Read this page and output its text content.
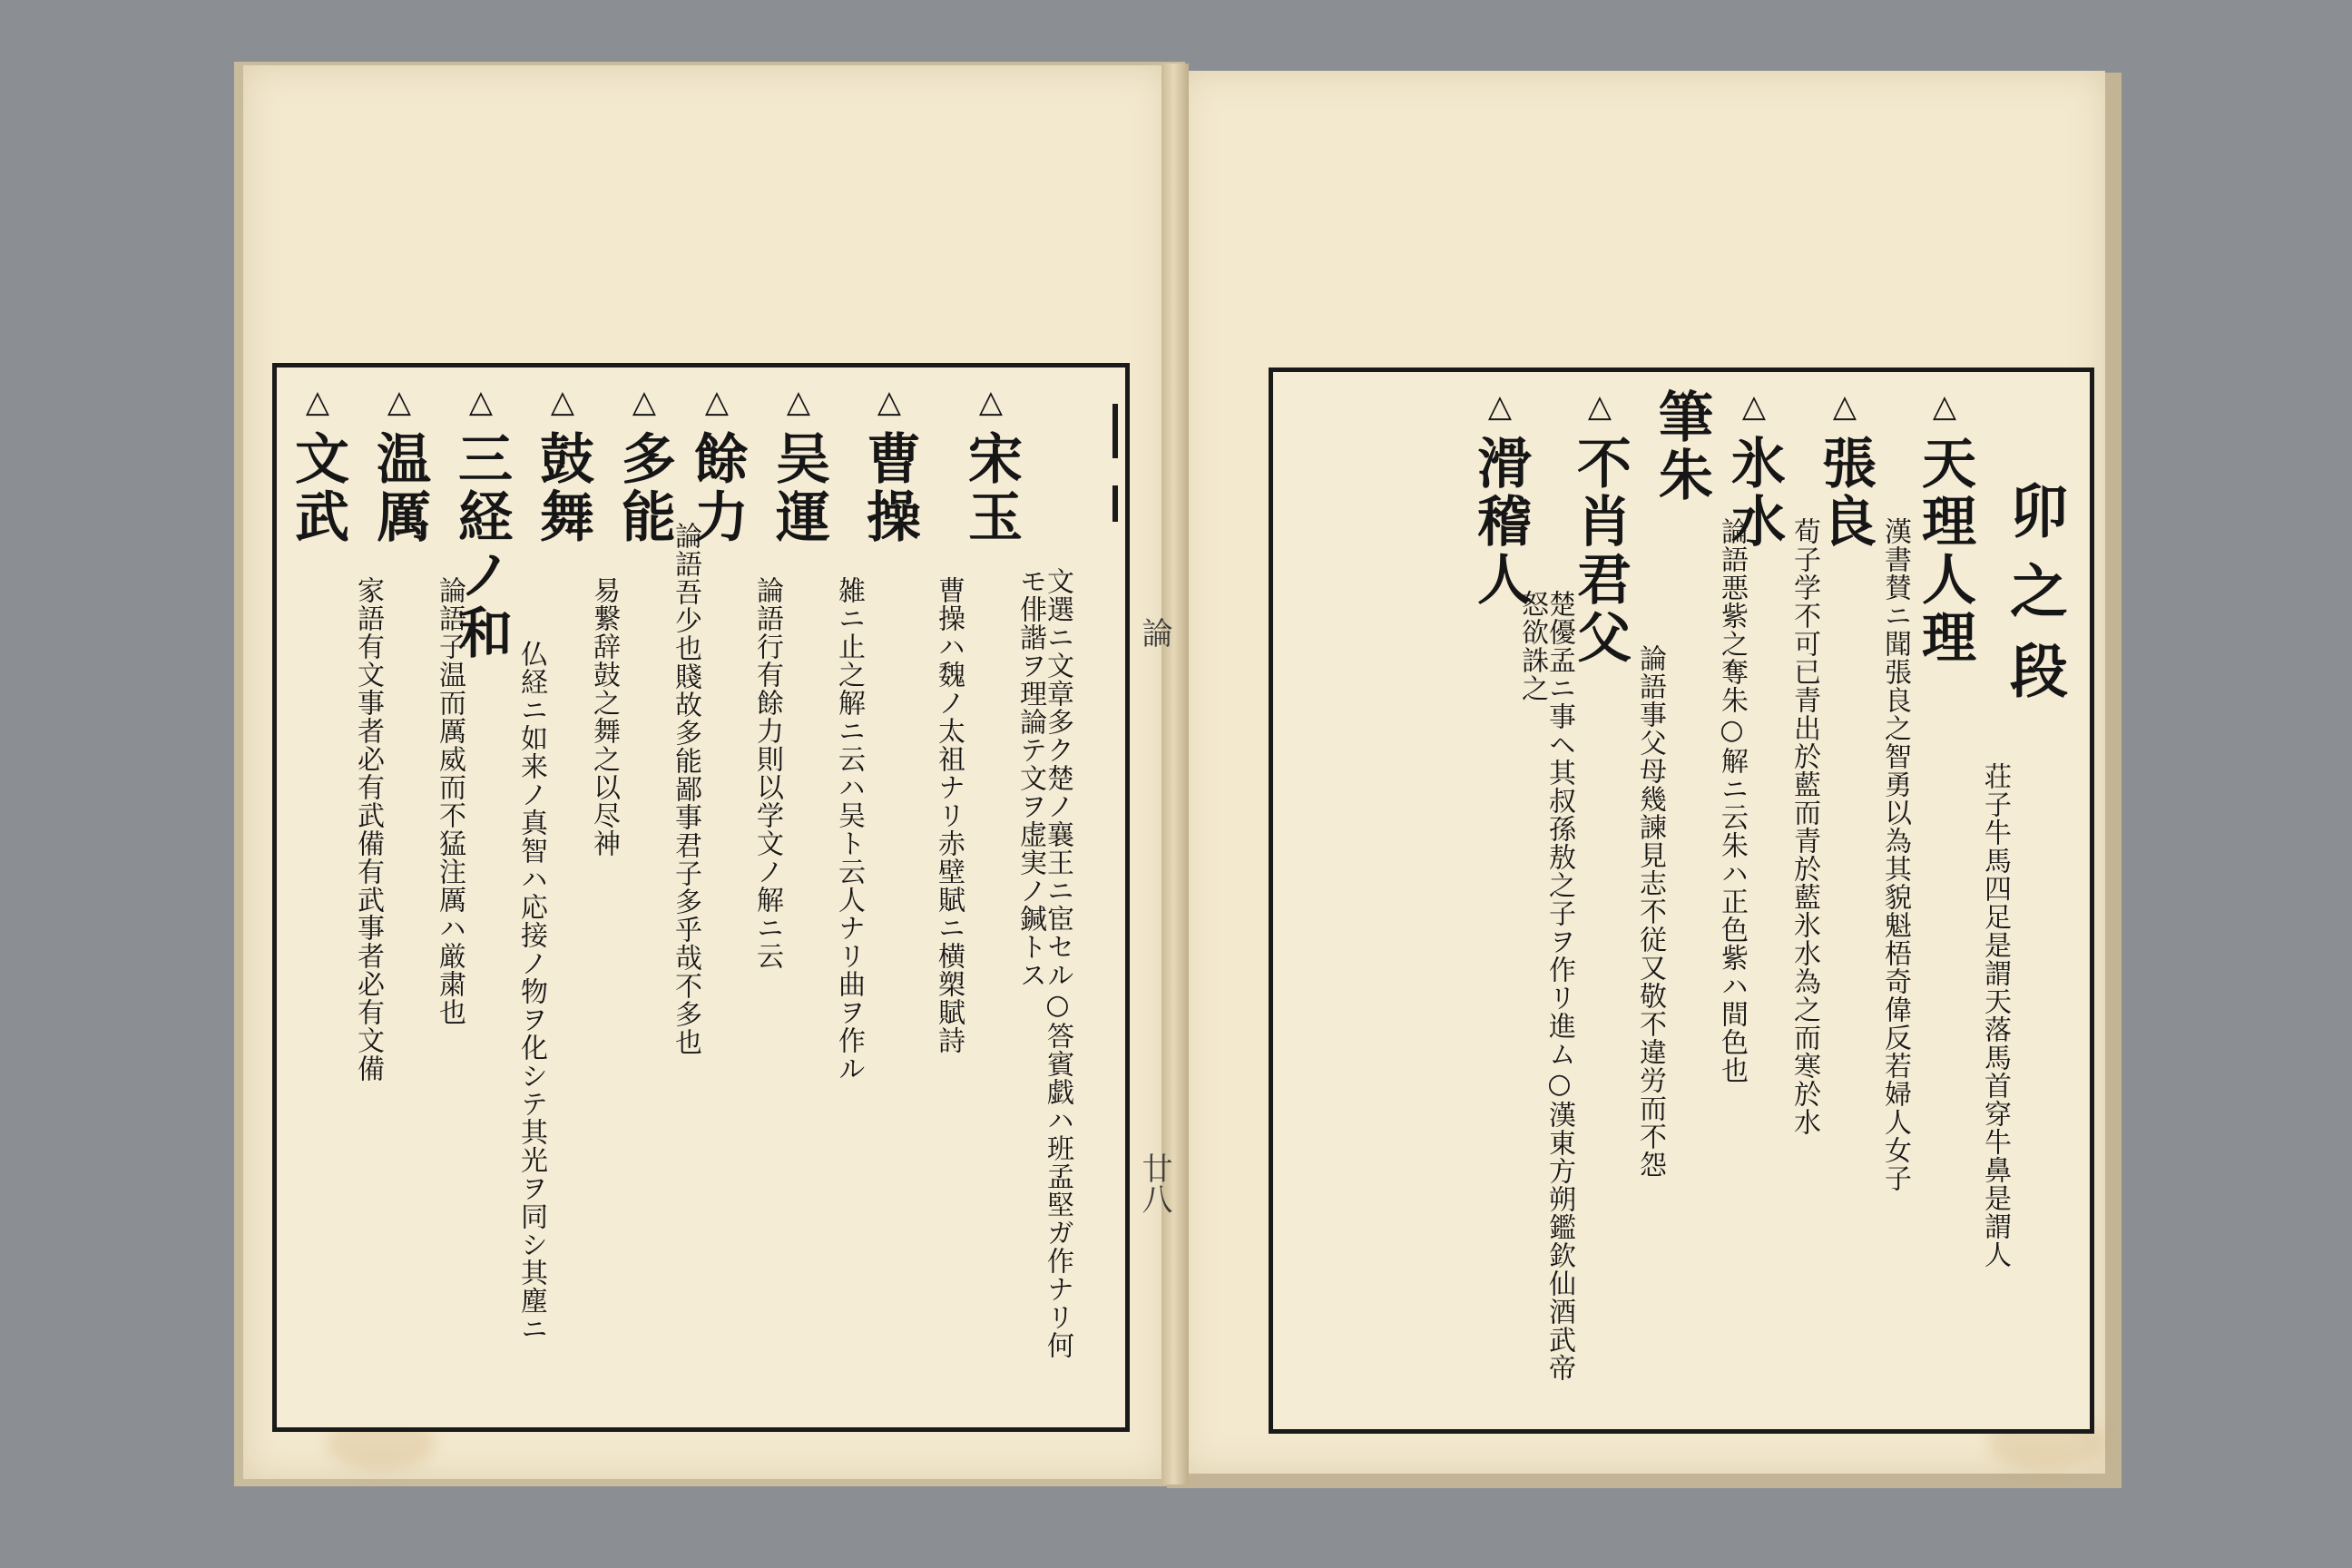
△ 宋玉
文選ニ文章多ク楚ノ襄王ニ宦セル○答賓戯ハ班孟堅ガ作ナリ何モ俳諧ヲ理論テ文ヲ虚実ノ鍼トス
△ 曹操
曹操ハ魏ノ太祖ナリ赤壁賦ニ横槊賦詩
△ 吴運
雑ニ止之解ニ云ハ吴ト云人ナリ曲ヲ作ル
△ 餘力
論語行有餘力則以学文ノ解ニ云
△ 多能
論語吾少也賤故多能鄙事君子多乎哉不多也
△ 鼓舞
易繋辞鼓之舞之以尽神
△ 三経ノ和
仏経ニ如来ノ真智ハ応接ノ物ヲ化シテ其光ヲ同シ其塵ニ
△ 温厲
論語子温而厲威而不猛注厲ハ厳粛也
△ 文武
家語有文事者必有武備有武事者必有文備	論
廿八
卯之段
△ 天理人理
荘子牛馬四足是謂天落馬首穿牛鼻是謂人
△ 張良
漢書賛ニ聞張良之智勇以為其貌魁梧奇偉反若婦人女子
△ 氷水
荀子学不可已青出於藍而青於藍氷水為之而寒於水
筆朱
論語悪紫之奪朱○解ニ云朱ハ正色紫ハ間色也
△ 不肖君父
論語事父母幾諫見志不従又敬不違労而不怨
△ 滑稽人
楚優孟ニ事ヘ其叔孫敖之子ヲ作リ進ム○漢東方朔鑑欽仙酒武帝怒欲誅之
